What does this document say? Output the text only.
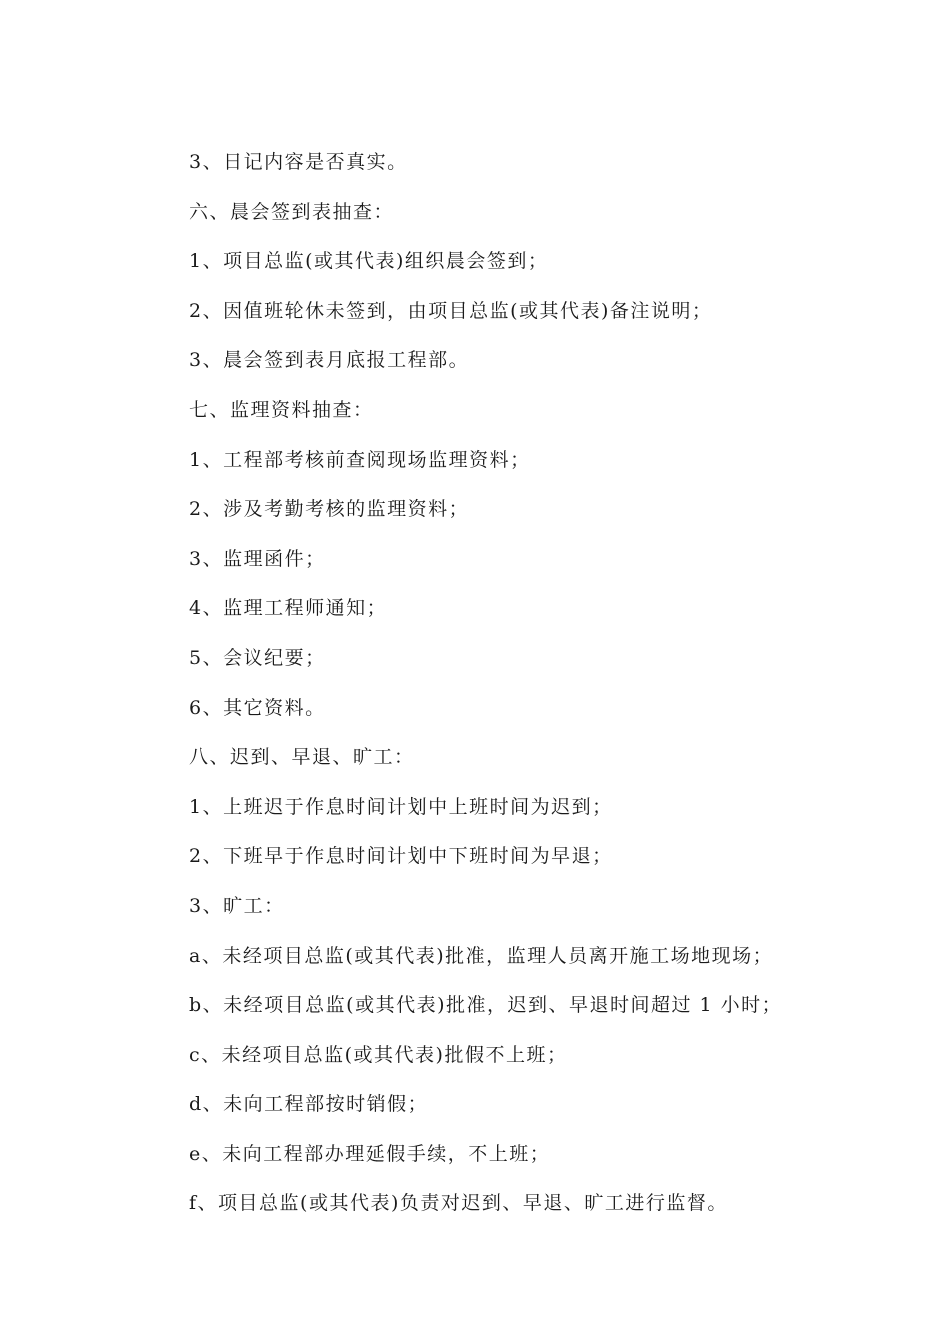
3、日记内容是否真实。
六、晨会签到表抽查：
1、项目总监(或其代表)组织晨会签到；
2、因值班轮休未签到，由项目总监(或其代表)备注说明；
3、晨会签到表月底报工程部。
七、监理资料抽查：
1、工程部考核前查阅现场监理资料；
2、涉及考勤考核的监理资料；
3、监理函件；
4、监理工程师通知；
5、会议纪要；
6、其它资料。
八、迟到、早退、旷工：
1、上班迟于作息时间计划中上班时间为迟到；
2、下班早于作息时间计划中下班时间为早退；
3、旷工：
a、未经项目总监(或其代表)批准，监理人员离开施工场地现场；
b、未经项目总监(或其代表)批准，迟到、早退时间超过 1 小时；
c、未经项目总监(或其代表)批假不上班；
d、未向工程部按时销假；
e、未向工程部办理延假手续，不上班；
f、项目总监(或其代表)负责对迟到、早退、旷工进行监督。
